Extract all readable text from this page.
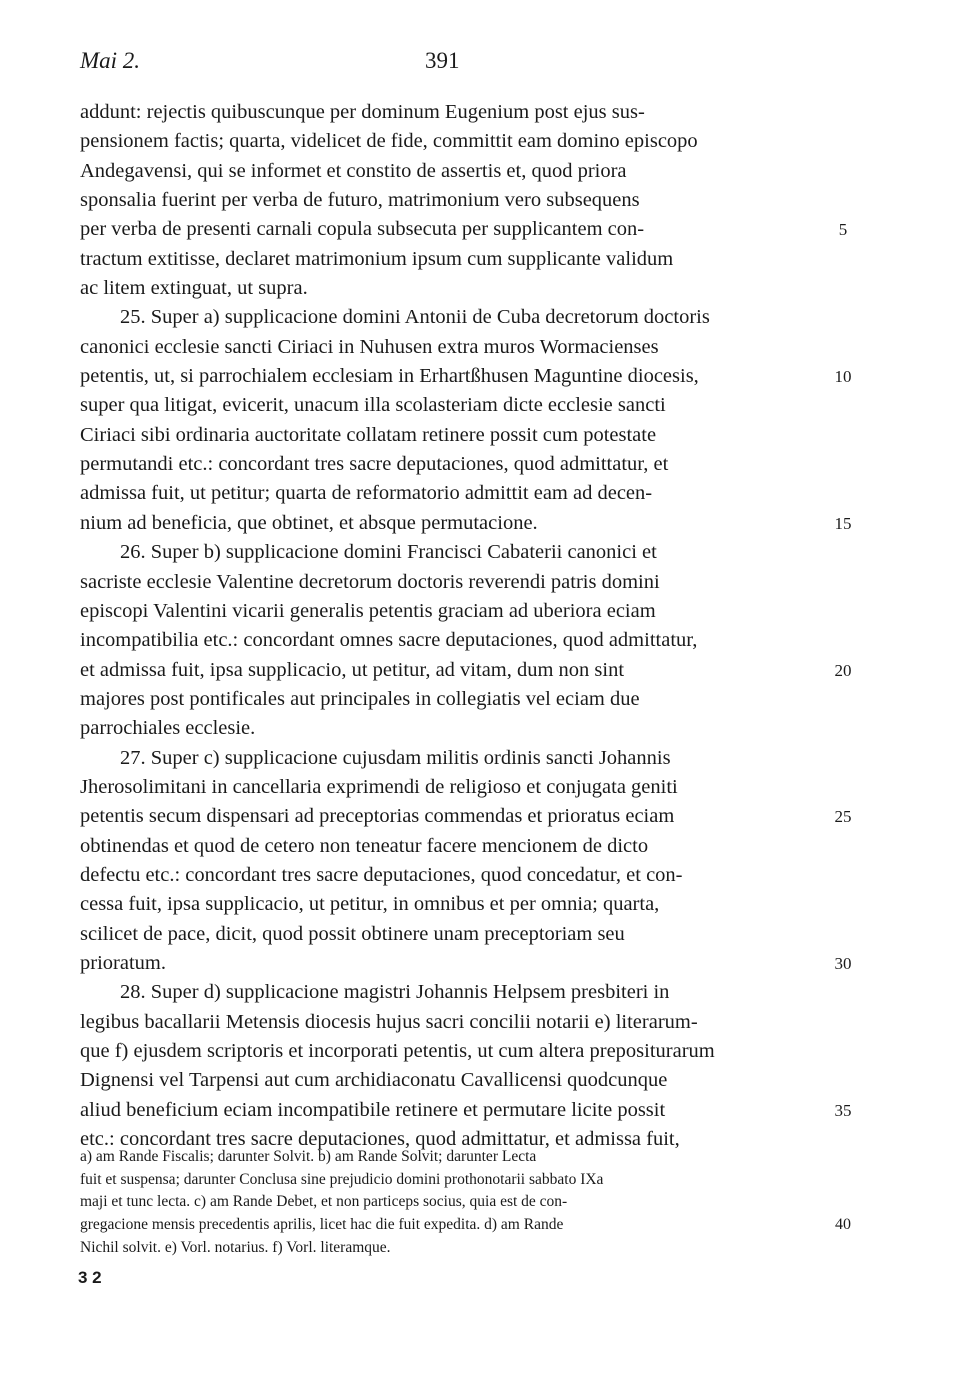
Mai 2.	391
addunt: rejectis quibuscunque per dominum Eugenium post ejus sus-
pensionem factis; quarta, videlicet de fide, committit eam domino episcopo
Andegavensi, qui se informet et constito de assertis et, quod priora
sponsalia fuerint per verba de futuro, matrimonium vero subsequens
per verba de presenti carnali copula subsecuta per supplicantem con-	5
tractum extitisse, declaret matrimonium ipsum cum supplicante validum
ac litem extinguat, ut supra.
25. Super a) supplicacione domini Antonii de Cuba decretorum doctoris
canonici ecclesie sancti Ciriaci in Nuhusen extra muros Wormacienses
petentis, ut, si parrochialem ecclesiam in Erhartßhusen Maguntine diocesis,	10
super qua litigat, evicerit, unacum illa scolasteriam dicte ecclesie sancti
Ciriaci sibi ordinaria auctoritate collatam retinere possit cum potestate
permutandi etc.: concordant tres sacre deputaciones, quod admittatur, et
admissa fuit, ut petitur; quarta de reformatorio admittit eam ad decen-
nium ad beneficia, que obtinet, et absque permutacione.	15
26. Super b) supplicacione domini Francisci Cabaterii canonici et
sacriste ecclesie Valentine decretorum doctoris reverendi patris domini
episcopi Valentini vicarii generalis petentis graciam ad uberiora eciam
incompatibilia etc.: concordant omnes sacre deputaciones, quod admittatur,
et admissa fuit, ipsa supplicacio, ut petitur, ad vitam, dum non sint	20
majores post pontificales aut principales in collegiatis vel eciam due
parrochiales ecclesie.
27. Super c) supplicacione cujusdam militis ordinis sancti Johannis
Jherosolimitani in cancellaria exprimendi de religioso et conjugata geniti
petentis secum dispensari ad preceptorias commendas et prioratus eciam	25
obtinendas et quod de cetero non teneatur facere mencionem de dicto
defectu etc.: concordant tres sacre deputaciones, quod concedatur, et con-
cessa fuit, ipsa supplicacio, ut petitur, in omnibus et per omnia; quarta,
scilicet de pace, dicit, quod possit obtinere unam preceptoriam seu
prioratum.	30
28. Super d) supplicacione magistri Johannis Helpsem presbiteri in
legibus bacallarii Metensis diocesis hujus sacri concilii notarii e) literarum-
que f) ejusdem scriptoris et incorporati petentis, ut cum altera prepositurarum
Dignensi vel Tarpensi aut cum archidiaconatu Cavallicensi quodcunque
aliud beneficium eciam incompatibile retinere et permutare licite possit	35
etc.: concordant tres sacre deputaciones, quod admittatur, et admissa fuit,
a) am Rande Fiscalis; darunter Solvit. b) am Rande Solvit; darunter Lecta
fuit et suspensa; darunter Conclusa sine prejudicio domini prothonotarii sabbato IXa
maji et tunc lecta. c) am Rande Debet, et non particeps socius, quia est de con-
gregacione mensis precedentis aprilis, licet hac die fuit expedita. d) am Rande	40
Nichil solvit. e) Vorl. notarius. f) Vorl. literamque.
3 2
